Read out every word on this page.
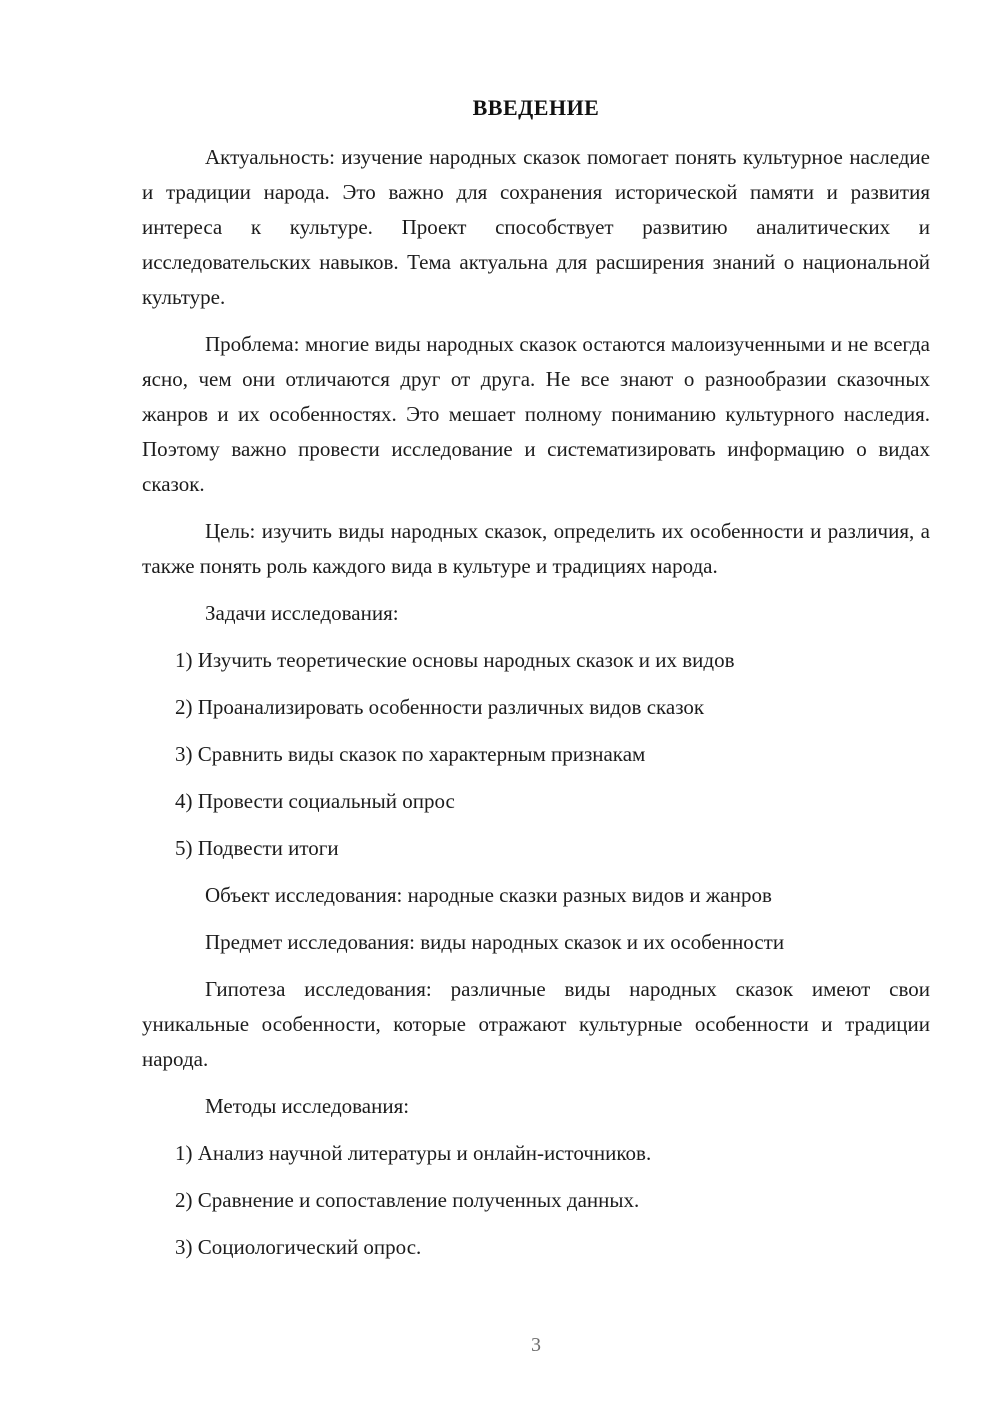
ВВЕДЕНИЕ

Актуальность: изучение народных сказок помогает понять культурное наследие и традиции народа. Это важно для сохранения исторической памяти и развития интереса к культуре. Проект способствует развитию аналитических и исследовательских навыков. Тема актуальна для расширения знаний о национальной культуре.

Проблема: многие виды народных сказок остаются малоизученными и не всегда ясно, чем они отличаются друг от друга. Не все знают о разнообразии сказочных жанров и их особенностях. Это мешает полному пониманию культурного наследия. Поэтому важно провести исследование и систематизировать информацию о видах сказок.

Цель: изучить виды народных сказок, определить их особенности и различия, а также понять роль каждого вида в культуре и традициях народа.

Задачи исследования:

1) Изучить теоретические основы народных сказок и их видов

2) Проанализировать особенности различных видов сказок

3) Сравнить виды сказок по характерным признакам

4) Провести социальный опрос

5) Подвести итоги

Объект исследования: народные сказки разных видов и жанров

Предмет исследования: виды народных сказок и их особенности

Гипотеза исследования: различные виды народных сказок имеют свои уникальные особенности, которые отражают культурные особенности и традиции народа.

Методы исследования:

1) Анализ научной литературы и онлайн-источников.

2) Сравнение и сопоставление полученных данных.

3) Социологический опрос.

3
